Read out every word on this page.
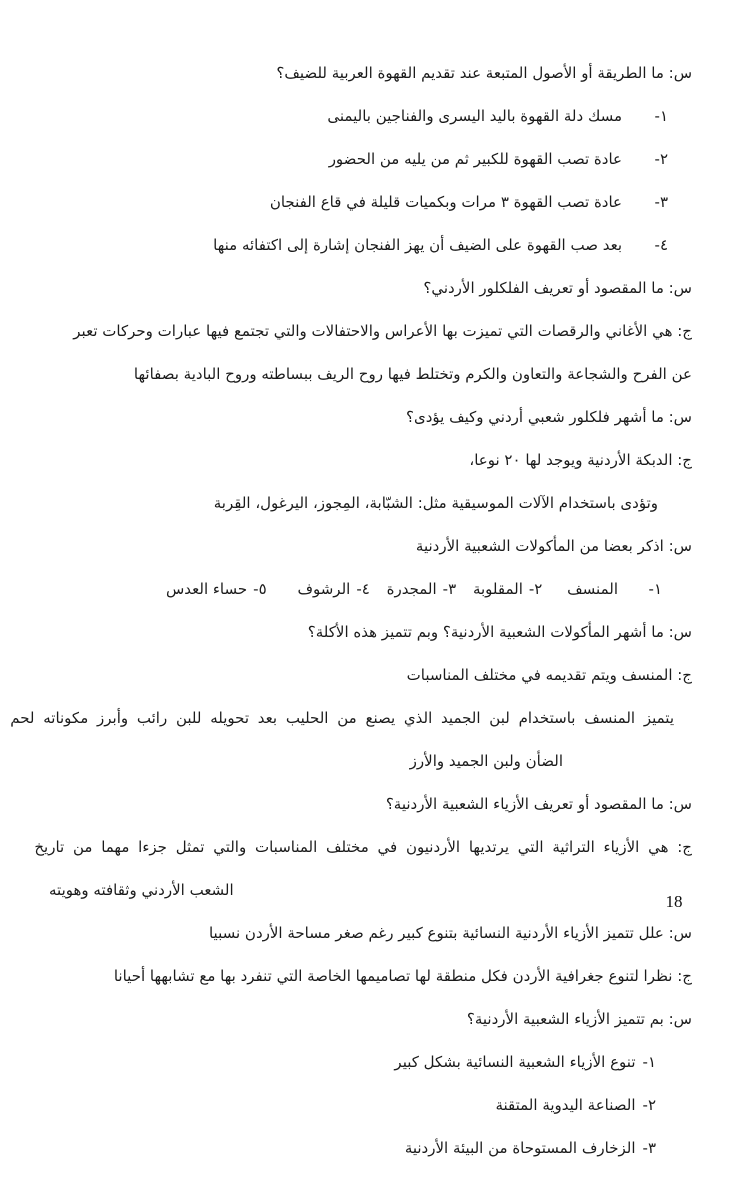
س: ما الطريقة أو الأصول المتبعة عند تقديم القهوة العربية للضيف؟

١-مسك دلة القهوة باليد اليسرى والفناجين باليمنى

٢-عادة تصب القهوة للكبير ثم من يليه من الحضور

٣-عادة تصب القهوة ٣ مرات وبكميات قليلة في قاع الفنجان

٤-بعد صب القهوة على الضيف أن يهز الفنجان إشارة إلى اكتفائه منها

س: ما المقصود أو تعريف الفلكلور الأردني؟

ج: هي الأغاني والرقصات التي تميزت بها الأعراس والاحتفالات والتي تجتمع فيها عبارات وحركات تعبر

عن الفرح والشجاعة والتعاون والكرم وتختلط فيها روح الريف ببساطته وروح البادية بصفائها

س: ما أشهر فلكلور شعبي أردني وكيف يؤدى؟

ج: الدبكة الأردنية ويوجد لها ٢٠ نوعا،

وتؤدى باستخدام الآلات الموسيقية مثل: الشبّابة، المِجوز، اليرغول، القِربة

س: اذكر بعضا من المأكولات الشعبية الأردنية

١-المنسف ٢-المقلوبة ٣-المجدرة ٤-الرشوف ٥-حساء العدس

س: ما أشهر المأكولات الشعبية الأردنية؟ وبم تتميز هذه الأكلة؟

ج: المنسف ويتم تقديمه في مختلف المناسبات

يتميز المنسف باستخدام لبن الجميد الذي يصنع من الحليب بعد تحويله للبن رائب وأبرز مكوناته لحم

الضأن ولبن الجميد والأرز

س: ما المقصود أو تعريف الأزياء الشعبية الأردنية؟

ج: هي الأزياء التراثية التي يرتديها الأردنيون في مختلف المناسبات والتي تمثل جزءا مهما من تاريخ

الشعب الأردني وثقافته وهويته

س: علل تتميز الأزياء الأردنية النسائية بتنوع كبير رغم صغر مساحة الأردن نسبيا

ج: نظرا لتنوع جغرافية الأردن فكل منطقة لها تصاميمها الخاصة التي تنفرد بها مع تشابهها أحيانا

س: بم تتميز الأزياء الشعبية الأردنية؟

١-تنوع الأزياء الشعبية النسائية بشكل كبير

٢-الصناعة اليدوية المتقنة

٣-الزخارف المستوحاة من البيئة الأردنية

18
